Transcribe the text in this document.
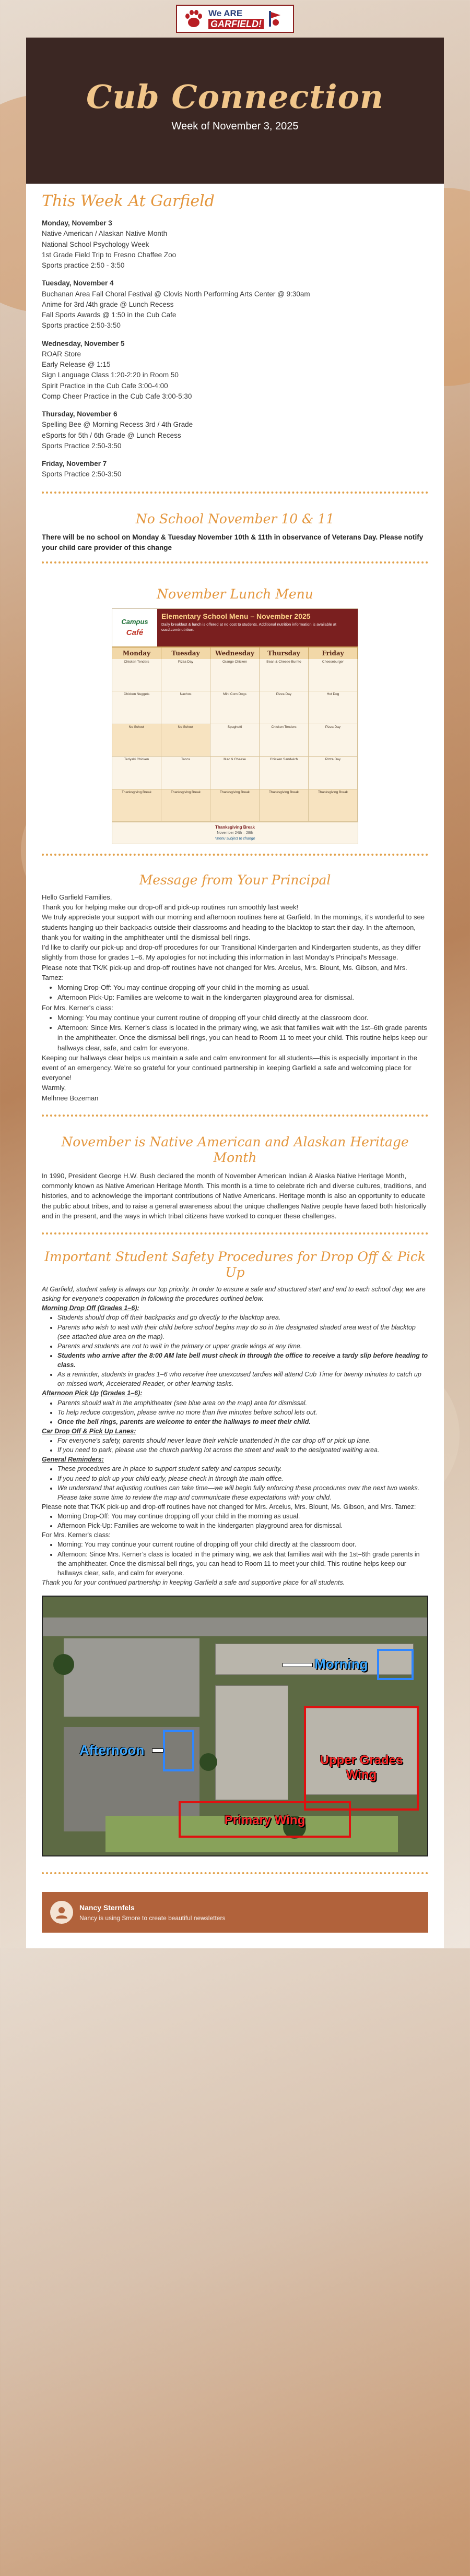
We ARE
GARFIELD!
Cub Connection
Week of November 3, 2025
This Week At Garfield
Monday, November 3
Native American / Alaskan Native Month
National School Psychology Week
1st Grade Field Trip to Fresno Chaffee Zoo
Sports practice 2:50 - 3:50
Tuesday, November 4
Buchanan Area Fall Choral Festival @ Clovis North Performing Arts Center @ 9:30am
Anime for 3rd /4th grade @ Lunch Recess
Fall Sports Awards @ 1:50 in the Cub Cafe
Sports practice 2:50-3:50
Wednesday, November 5
ROAR Store
Early Release @ 1:15
Sign Language Class 1:20-2:20 in Room 50
Spirit Practice in the Cub Cafe 3:00-4:00
Comp Cheer Practice in the Cub Cafe 3:00-5:30
Thursday, November 6
Spelling Bee @ Morning Recess 3rd / 4th Grade
eSports for 5th / 6th Grade @ Lunch Recess
Sports Practice 2:50-3:50
Friday, November 7
Sports Practice 2:50-3:50
No School November 10 & 11

There will be no school on Monday & Tuesday November 10th & 11th in observance of Veterans Day. Please notify your child care provider of this change

November Lunch Menu
Campus
Café
Elementary School Menu – November 2025
Daily breakfast & lunch is offered at no cost to students. Additional nutrition information is available at cusd.com/nutrition.
Monday	Tuesday	Wednesday	Thursday	Friday
Chicken Tenders	Pizza Day	Orange Chicken	Bean & Cheese Burrito	Cheeseburger
Chicken Nuggets	Nachos	Mini Corn Dogs	Pizza Day	Hot Dog
No School	No School	Spaghetti	Chicken Tenders	Pizza Day
Teriyaki Chicken	Tacos	Mac & Cheese	Chicken Sandwich	Pizza Day
Thanksgiving Break	Thanksgiving Break	Thanksgiving Break	Thanksgiving Break	Thanksgiving Break
Thanksgiving Break
November 24th – 28th
*Menu subject to change
Message from Your Principal

Hello Garfield Families,

Thank you for helping make our drop-off and pick-up routines run smoothly last week!

We truly appreciate your support with our morning and afternoon routines here at Garfield. In the mornings, it’s wonderful to see students hanging up their backpacks outside their classrooms and heading to the blacktop to start their day. In the afternoon, thank you for waiting in the amphitheater until the dismissal bell rings.

I’d like to clarify our pick-up and drop-off procedures for our Transitional Kindergarten and Kindergarten students, as they differ slightly from those for grades 1–6. My apologies for not including this information in last Monday’s Principal’s Message.

Please note that TK/K pick-up and drop-off routines have not changed for Mrs. Arcelus, Mrs. Blount, Ms. Gibson, and Mrs. Tamez:

• Morning Drop-Off: You may continue dropping off your child in the morning as usual.
• Afternoon Pick-Up: Families are welcome to wait in the kindergarten playground area for dismissal.

For Mrs. Kerner's class:

• Morning: You may continue your current routine of dropping off your child directly at the classroom door.
• Afternoon: Since Mrs. Kerner’s class is located in the primary wing, we ask that families wait with the 1st–6th grade parents in the amphitheater. Once the dismissal bell rings, you can head to Room 11 to meet your child. This routine helps keep our hallways clear, safe, and calm for everyone.

Keeping our hallways clear helps us maintain a safe and calm environment for all students—this is especially important in the event of an emergency. We’re so grateful for your continued partnership in keeping Garfield a safe and welcoming place for everyone!

Warmly,

Melhnee Bozeman

November is Native American and Alaskan Heritage Month

In 1990, President George H.W. Bush declared the month of November American Indian & Alaska Native Heritage Month, commonly known as Native American Heritage Month. This month is a time to celebrate rich and diverse cultures, traditions, and histories, and to acknowledge the important contributions of Native Americans. Heritage month is also an opportunity to educate the public about tribes, and to raise a general awareness about the unique challenges Native people have faced both historically and in the present, and the ways in which tribal citizens have worked to conquer these challenges.

Important Student Safety Procedures for Drop Off & Pick Up

At Garfield, student safety is always our top priority. In order to ensure a safe and structured start and end to each school day, we are asking for everyone's cooperation in following the procedures outlined below.

Morning Drop Off (Grades 1–6):

• Students should drop off their backpacks and go directly to the blacktop area.
• Parents who wish to wait with their child before school begins may do so in the designated shaded area west of the blacktop (see attached blue area on the map).
• Parents and students are not to wait in the primary or upper grade wings at any time.
• Students who arrive after the 8:00 AM late bell must check in through the office to receive a tardy slip before heading to class.
• As a reminder, students in grades 1–6 who receive free unexcused tardies will attend Cub Time for twenty minutes to catch up on missed work, Accelerated Reader, or other learning tasks.

Afternoon Pick Up (Grades 1–6):

• Parents should wait in the amphitheater (see blue area on the map) area for dismissal.
• To help reduce congestion, please arrive no more than five minutes before school lets out.
• Once the bell rings, parents are welcome to enter the hallways to meet their child.

Car Drop Off & Pick Up Lanes:

• For everyone's safety, parents should never leave their vehicle unattended in the car drop off or pick up lane.
• If you need to park, please use the church parking lot across the street and walk to the designated waiting area.

General Reminders:

• These procedures are in place to support student safety and campus security.
• If you need to pick up your child early, please check in through the main office.
• We understand that adjusting routines can take time—we will begin fully enforcing these procedures over the next two weeks. Please take some time to review the map and communicate these expectations with your child.

Please note that TK/K pick-up and drop-off routines have not changed for Mrs. Arcelus, Mrs. Blount, Ms. Gibson, and Mrs. Tamez:

• Morning Drop-Off: You may continue dropping off your child in the morning as usual.
• Afternoon Pick-Up: Families are welcome to wait in the kindergarten playground area for dismissal.

For Mrs. Kerner's class:

• Morning: You may continue your current routine of dropping off your child directly at the classroom door.
• Afternoon: Since Mrs. Kerner’s class is located in the primary wing, we ask that families wait with the 1st–6th grade parents in the amphitheater. Once the dismissal bell rings, you can head to Room 11 to meet your child. This routine helps keep our hallways clear, safe, and calm for everyone.

Thank you for your continued partnership in keeping Garfield a safe and supportive place for all students.

Morning
Afternoon
Upper Grades Wing
Primary Wing
Nancy Sternfels
Nancy is using Smore to create beautiful newsletters
